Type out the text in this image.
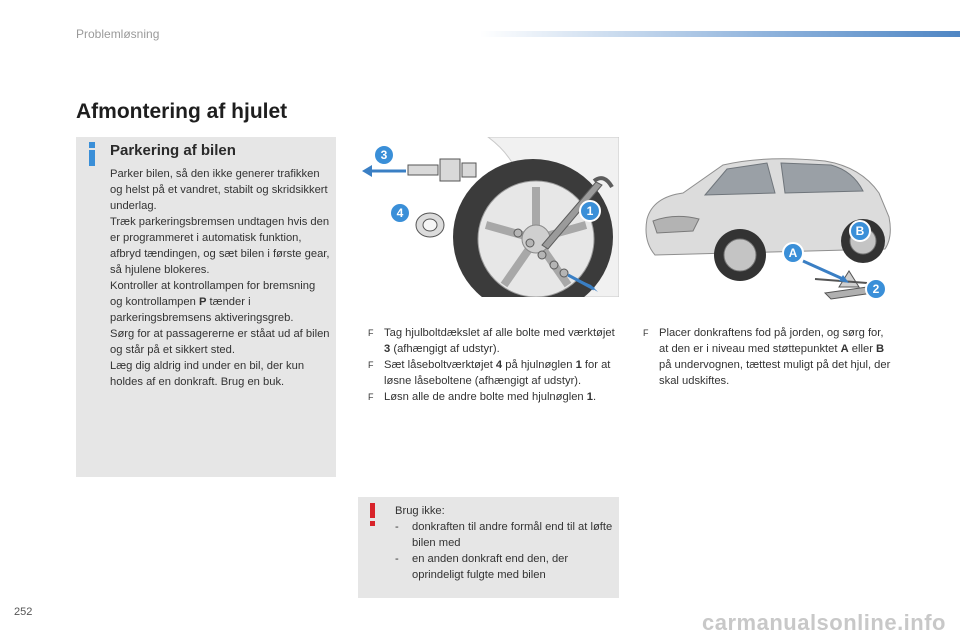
Problemløsning
Afmontering af hjulet
Parkering af bilen
Parker bilen, så den ikke generer trafikken og helst på et vandret, stabilt og skridsikkert underlag.
Træk parkeringsbremsen undtagen hvis den er programmeret i automatisk funktion, afbryd tændingen, og sæt bilen i første gear, så hjulene blokeres.
Kontroller at kontrollampen for bremsning og kontrollampen P tænder i parkeringsbremsens aktiveringsgreb.
Sørg for at passagererne er ståat ud af bilen og står på et sikkert sted.
Læg dig aldrig ind under en bil, der kun holdes af en donkraft. Brug en buk.
3
4	1
A
B
2

F Tag hjulboltdækslet af alle bolte med værktøjet 3 (afhængigt af udstyr).

F Sæt låseboltværktøjet 4 på hjulnøglen 1 for at løsne låseboltene (afhængigt af udstyr).

F Løsn alle de andre bolte med hjulnøglen 1.

F Placer donkraftens fod på jorden, og sørg for, at den er i niveau med støttepunktet A eller B på undervognen, tættest muligt på det hjul, der skal udskiftes.

Brug ikke:
- donkraften til andre formål end til at løfte bilen med
- en anden donkraft end den, der oprindeligt fulgte med bilen
252	carmanualsonline.info
